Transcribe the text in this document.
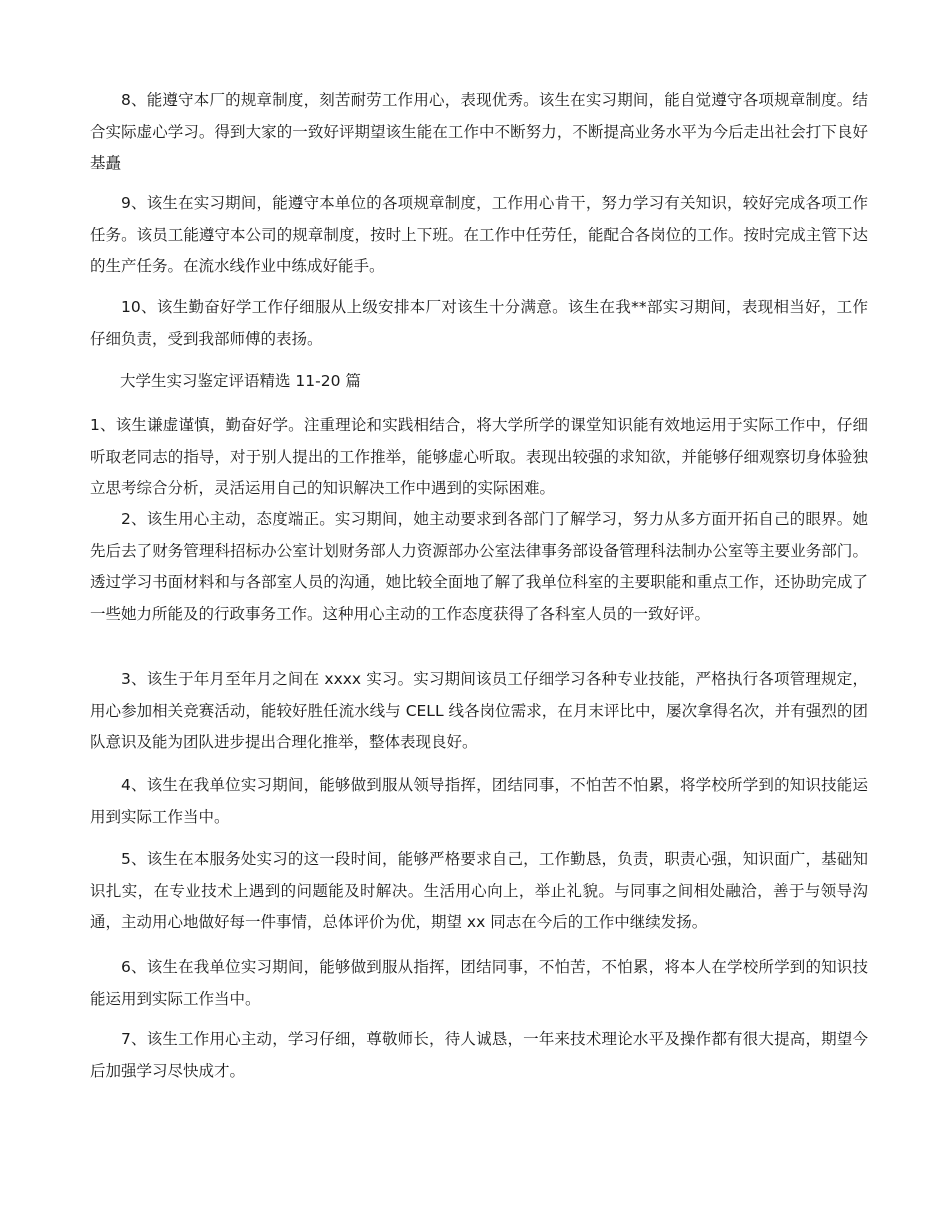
8、能遵守本厂的规章制度，刻苦耐劳工作用心，表现优秀。该生在实习期间，能自觉遵守各项规章制度。结合实际虚心学习。得到大家的一致好评期望该生能在工作中不断努力，不断提高业务水平为今后走出社会打下良好基矗

9、该生在实习期间，能遵守本单位的各项规章制度，工作用心肯干，努力学习有关知识，较好完成各项工作任务。该员工能遵守本公司的规章制度，按时上下班。在工作中任劳任，能配合各岗位的工作。按时完成主管下达的生产任务。在流水线作业中练成好能手。

10、该生勤奋好学工作仔细服从上级安排本厂对该生十分满意。该生在我**部实习期间，表现相当好，工作仔细负责，受到我部师傅的表扬。

大学生实习鉴定评语精选 11-20 篇

1、该生谦虚谨慎，勤奋好学。注重理论和实践相结合，将大学所学的课堂知识能有效地运用于实际工作中，仔细听取老同志的指导，对于别人提出的工作推举，能够虚心听取。表现出较强的求知欲，并能够仔细观察切身体验独立思考综合分析，灵活运用自己的知识解决工作中遇到的实际困难。

2、该生用心主动，态度端正。实习期间，她主动要求到各部门了解学习，努力从多方面开拓自己的眼界。她先后去了财务管理科招标办公室计划财务部人力资源部办公室法律事务部设备管理科法制办公室等主要业务部门。透过学习书面材料和与各部室人员的沟通，她比较全面地了解了我单位科室的主要职能和重点工作，还协助完成了一些她力所能及的行政事务工作。这种用心主动的工作态度获得了各科室人员的一致好评。

3、该生于年月至年月之间在 xxxx 实习。实习期间该员工仔细学习各种专业技能，严格执行各项管理规定，用心参加相关竞赛活动，能较好胜任流水线与 CELL 线各岗位需求，在月末评比中，屡次拿得名次，并有强烈的团队意识及能为团队进步提出合理化推举，整体表现良好。

4、该生在我单位实习期间，能够做到服从领导指挥，团结同事，不怕苦不怕累，将学校所学到的知识技能运用到实际工作当中。

5、该生在本服务处实习的这一段时间，能够严格要求自己，工作勤恳，负责，职责心强，知识面广，基础知识扎实，在专业技术上遇到的问题能及时解决。生活用心向上，举止礼貌。与同事之间相处融洽，善于与领导沟通，主动用心地做好每一件事情，总体评价为优，期望 xx 同志在今后的工作中继续发扬。

6、该生在我单位实习期间，能够做到服从指挥，团结同事，不怕苦，不怕累，将本人在学校所学到的知识技能运用到实际工作当中。

7、该生工作用心主动，学习仔细，尊敬师长，待人诚恳，一年来技术理论水平及操作都有很大提高，期望今后加强学习尽快成才。
